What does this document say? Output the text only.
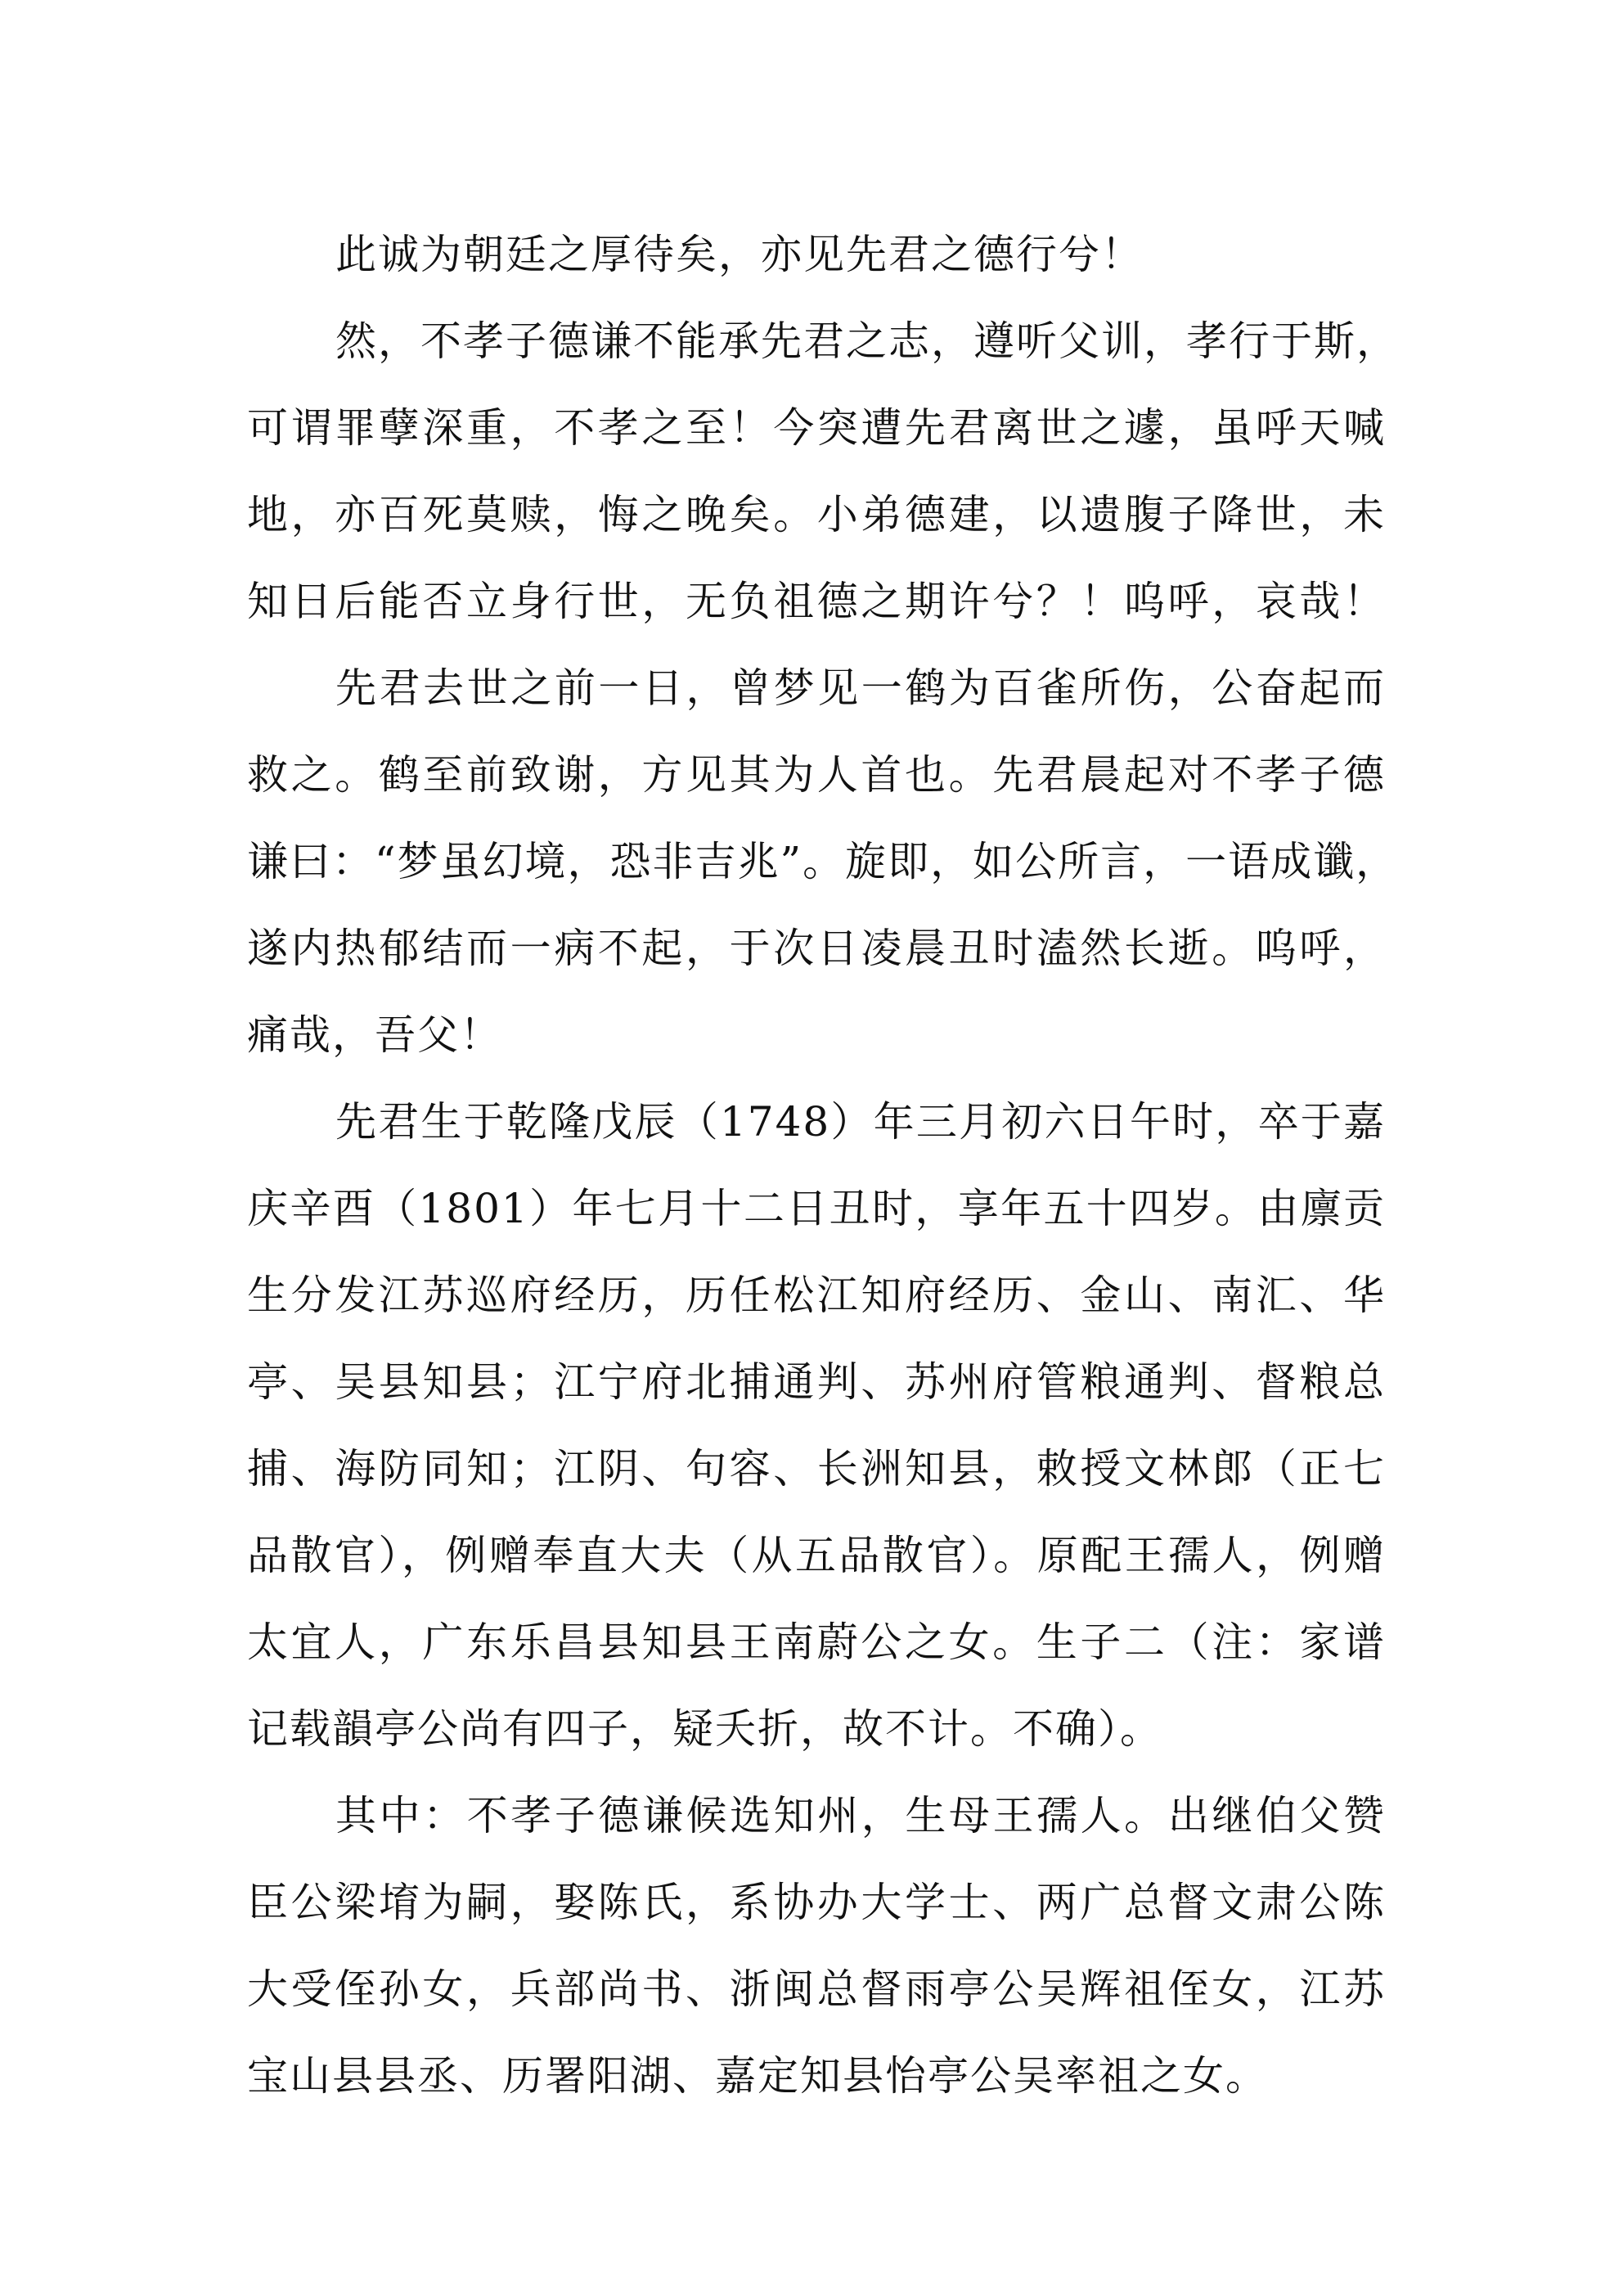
此诚为朝廷之厚待矣，亦见先君之德行兮！
然，不孝子德谦不能承先君之志，遵听父训，孝行于斯，
可谓罪孽深重，不孝之至！今突遭先君离世之遽，虽呼天喊
地，亦百死莫赎，悔之晚矣。小弟德建，以遗腹子降世，未
知日后能否立身行世，无负祖德之期许兮？！呜呼，哀哉！
先君去世之前一日，曾梦见一鹤为百雀所伤，公奋起而
救之。鹤至前致谢，方见其为人首也。先君晨起对不孝子德
谦曰：“梦虽幻境，恐非吉兆”。旋即，如公所言，一语成谶，
遂内热郁结而一病不起，于次日凌晨丑时溘然长逝。呜呼，
痛哉，吾父！
先君生于乾隆戊辰（1748）年三月初六日午时，卒于嘉
庆辛酉（1801）年七月十二日丑时，享年五十四岁。由廪贡
生分发江苏巡府经历，历任松江知府经历、金山、南汇、华
亭、吴县知县；江宁府北捕通判、苏州府管粮通判、督粮总
捕、海防同知；江阴、句容、长洲知县，敕授文林郎（正七
品散官），例赠奉直大夫（从五品散官）。原配王孺人，例赠
太宜人，广东乐昌县知县王南蔚公之女。生子二（注：家谱
记载韻亭公尚有四子，疑夭折，故不计。不确）。
其中：不孝子德谦候选知州，生母王孺人。出继伯父赞
臣公梁堉为嗣，娶陈氏，系协办大学士、两广总督文肃公陈
大受侄孙女，兵部尚书、浙闽总督雨亭公吴辉祖侄女，江苏
宝山县县丞、历署阳湖、嘉定知县怡亭公吴率祖之女。
